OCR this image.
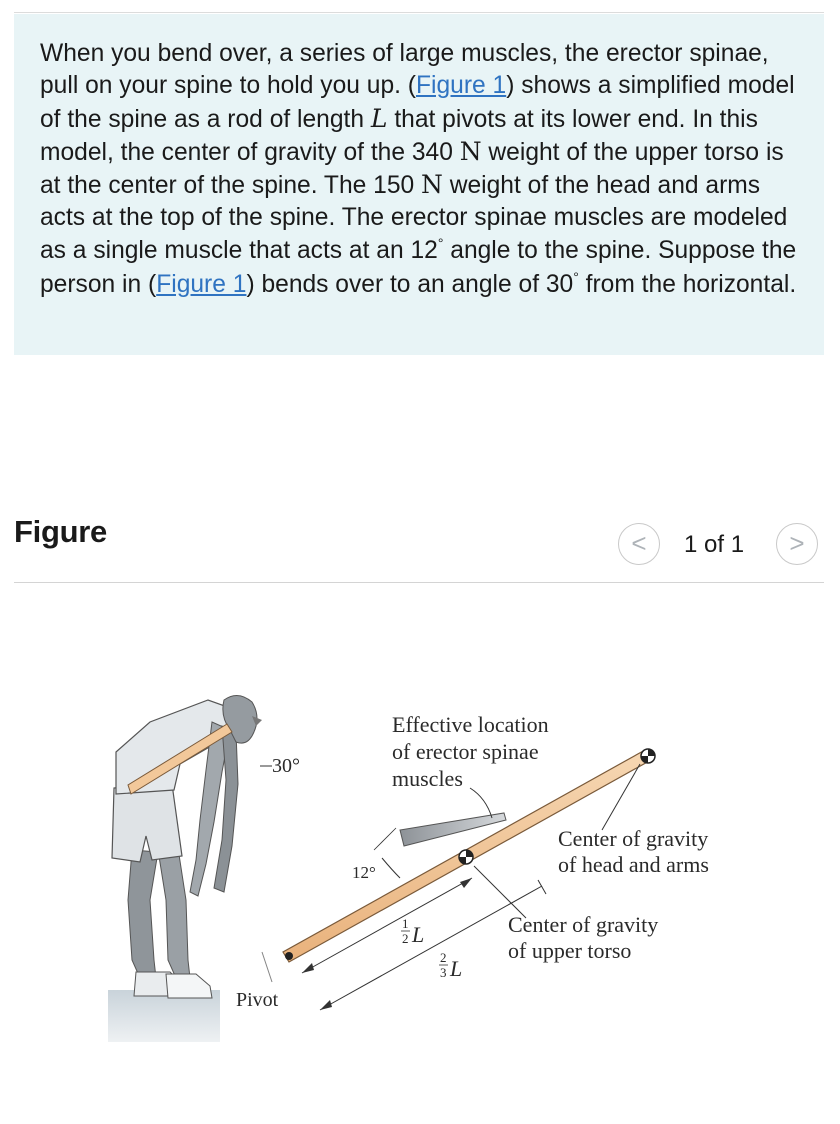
When you bend over, a series of large muscles, the erector spinae, pull on your spine to hold you up. (Figure 1) shows a simplified model of the spine as a rod of length L that pivots at its lower end. In this model, the center of gravity of the 340 N weight of the upper torso is at the center of the spine. The 150 N weight of the head and arms acts at the top of the spine. The erector spinae muscles are modeled as a single muscle that acts at an 12° angle to the spine. Suppose the person in (Figure 1) bends over to an angle of 30° from the horizontal.

Figure	<	1 of 1	>
30°
Pivot
12°
Effective location
of erector spinae
muscles
Center of gravity
of head and arms
Center of gravity
of upper torso
1
2 L
2
3 L
